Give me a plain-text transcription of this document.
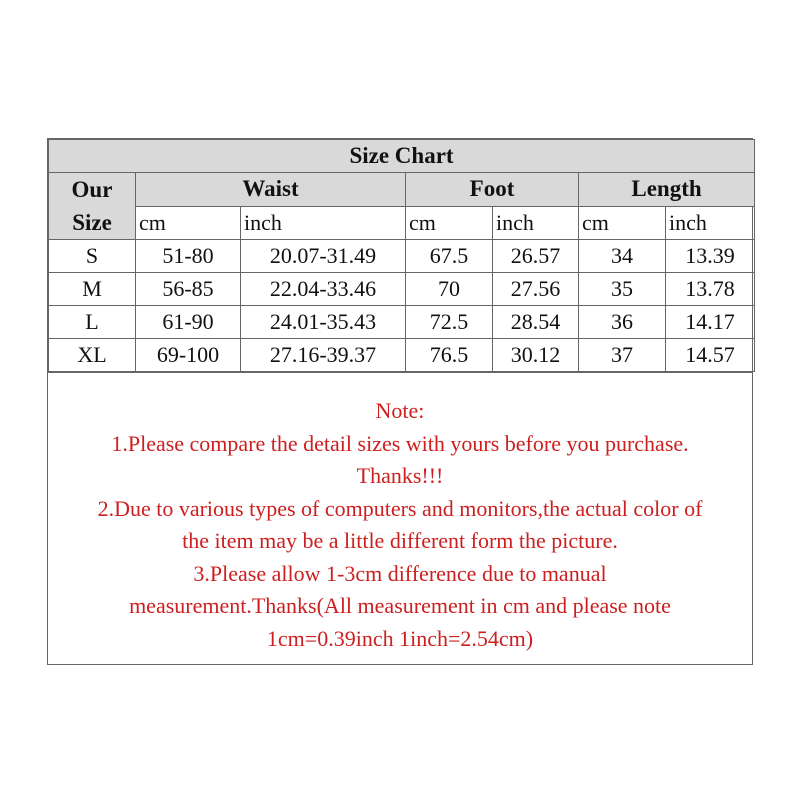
Size Chart						
Our
Size	Waist		Foot		Length	
	cm	inch	cm	inch	cm	inch
S	51-80	20.07-31.49	67.5	26.57	34	13.39
M	56-85	22.04-33.46	70	27.56	35	13.78
L	61-90	24.01-35.43	72.5	28.54	36	14.17
XL	69-100	27.16-39.37	76.5	30.12	37	14.57
Note:
1.Please compare the detail sizes with yours before you purchase.
Thanks!!!
2.Due to various types of computers and monitors,the actual color of
the item may be a little different form the picture.
3.Please allow 1-3cm difference due to manual
measurement.Thanks(All measurement in cm and please note
1cm=0.39inch 1inch=2.54cm)
